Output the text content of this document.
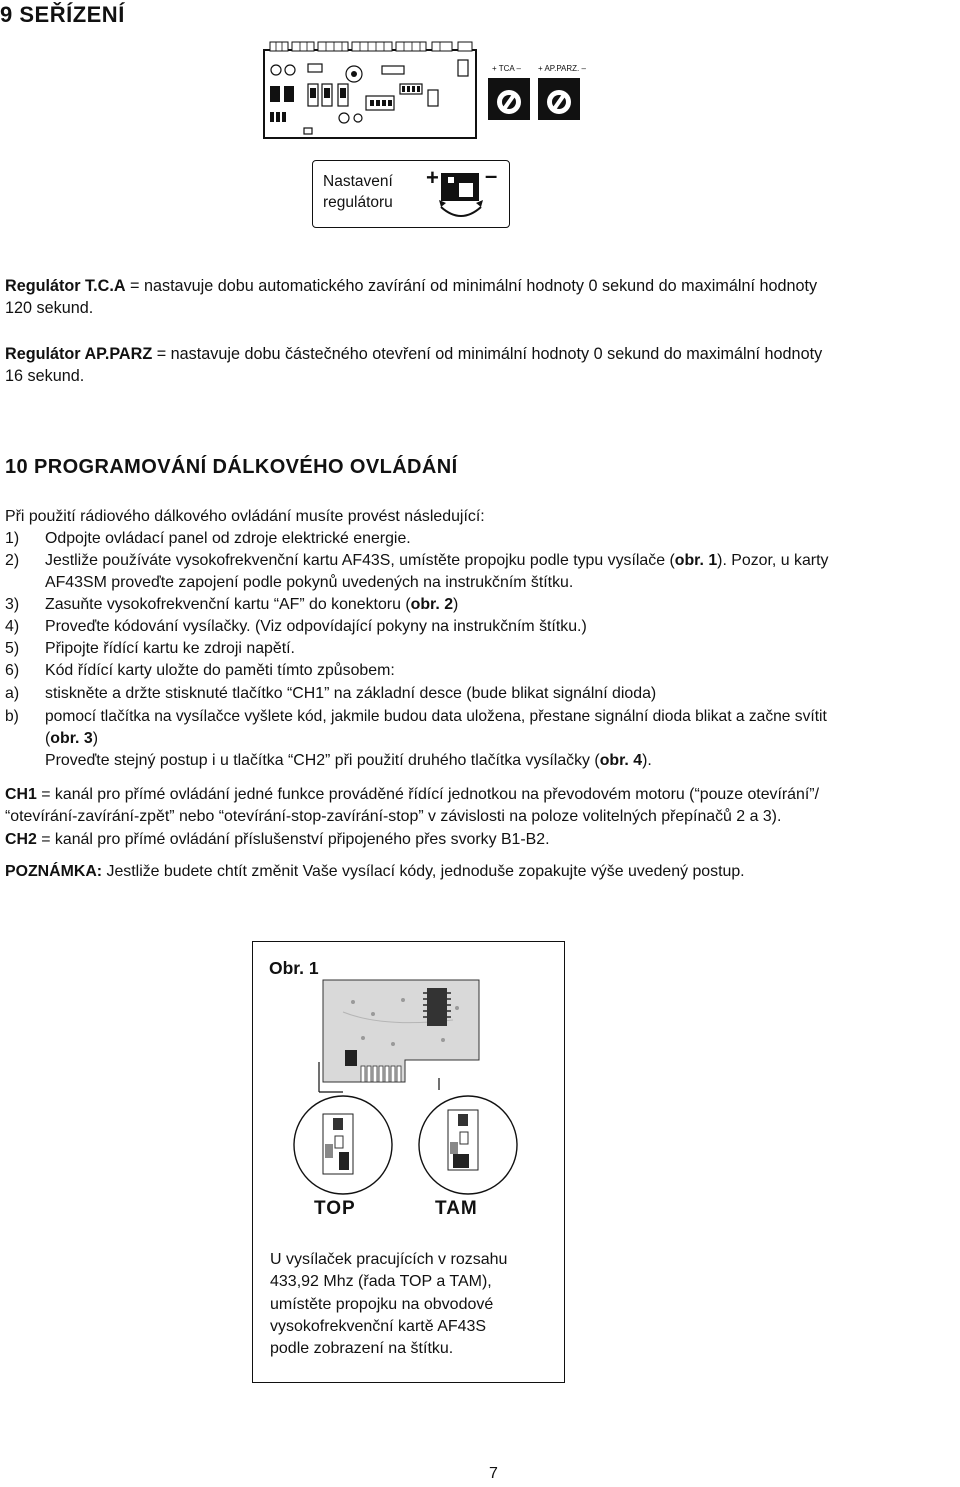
9 SEŘÍZENÍ
+ TCA – + AP.PARZ. –
Nastavení
regulátoru
+ –
Regulátor T.C.A = nastavuje dobu automatického zavírání od minimální hodnoty 0 sekund do maximální hodnoty
120 sekund.
Regulátor AP.PARZ = nastavuje dobu částečného otevření od minimální hodnoty 0 sekund do maximální hodnoty
16 sekund.
10 PROGRAMOVÁNÍ DÁLKOVÉHO OVLÁDÁNÍ
Při použití rádiového dálkového ovládání musíte provést následující:
1) Odpojte ovládací panel od zdroje elektrické energie.
2) Jestliže používáte vysokofrekvenční kartu AF43S, umístěte propojku podle typu vysílače (obr. 1). Pozor, u karty
AF43SM proveďte zapojení podle pokynů uvedených na instrukčním štítku.
3) Zasuňte vysokofrekvenční kartu “AF” do konektoru (obr. 2)
4) Proveďte kódování vysílačky. (Viz odpovídající pokyny na instrukčním štítku.)
5) Připojte řídící kartu ke zdroji napětí.
6) Kód řídící karty uložte do paměti tímto způsobem:
a) stiskněte a držte stisknuté tlačítko “CH1” na základní desce (bude blikat signální dioda)
b) pomocí tlačítka na vysílačce vyšlete kód, jakmile budou data uložena, přestane signální dioda blikat a začne svítit
(obr. 3)
Proveďte stejný postup i u tlačítka “CH2” při použití druhého tlačítka vysílačky (obr. 4).
CH1 = kanál pro přímé ovládání jedné funkce prováděné řídící jednotkou na převodovém motoru (“pouze otevírání”/
“otevírání-zavírání-zpět” nebo “otevírání-stop-zavírání-stop” v závislosti na poloze volitelných přepínačů 2 a 3).
CH2 = kanál pro přímé ovládání příslušenství připojeného přes svorky B1-B2.
POZNÁMKA: Jestliže budete chtít změnit Vaše vysílací kódy, jednoduše zopakujte výše uvedený postup.
Obr. 1
TOP	TAM
U vysílaček pracujících v rozsahu
433,92 Mhz (řada TOP a TAM),
umístěte propojku na obvodové
vysokofrekvenční kartě AF43S
podle zobrazení na štítku.
7
